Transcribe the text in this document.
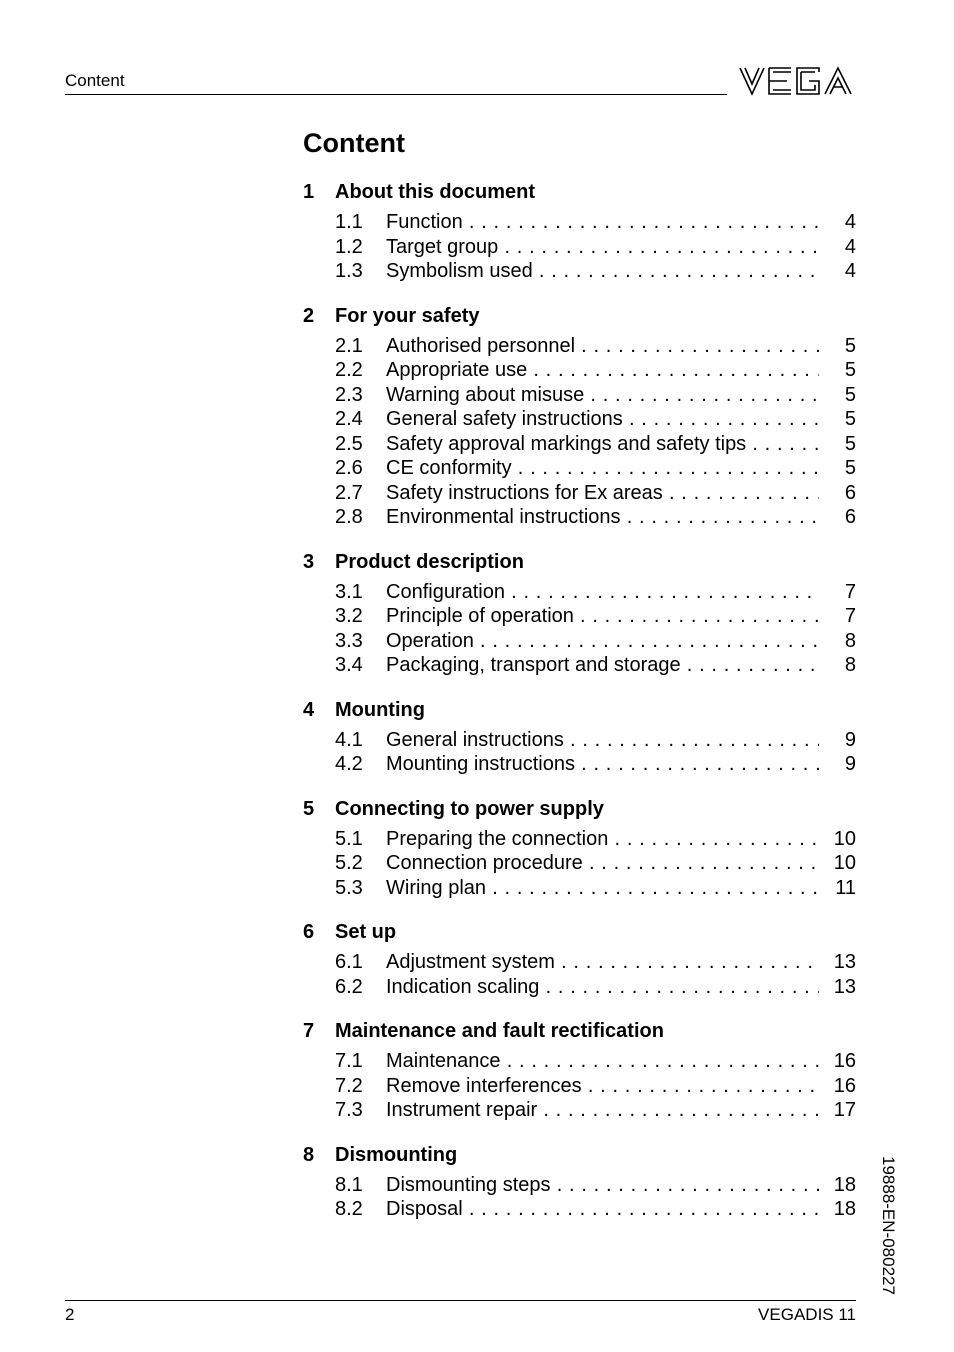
Content
Content
1 About this document
1.1 Function . . .	4
1.2 Target group . . .	4
1.3 Symbolism used . . .	4
2 For your safety
2.1 Authorised personnel . . .	5
2.2 Appropriate use . . .	5
2.3 Warning about misuse . . .	5
2.4 General safety instructions . . .	5
2.5 Safety approval markings and safety tips . . .	5
2.6 CE conformity . . .	5
2.7 Safety instructions for Ex areas . . .	6
2.8 Environmental instructions . . .	6
3 Product description
3.1 Configuration . . .	7
3.2 Principle of operation . . .	7
3.3 Operation . . .	8
3.4 Packaging, transport and storage . . .	8
4 Mounting
4.1 General instructions . . .	9
4.2 Mounting instructions . . .	9
5 Connecting to power supply
5.1 Preparing the connection . . .	10
5.2 Connection procedure . . .	10
5.3 Wiring plan . . .	11
6 Set up
6.1 Adjustment system . . .	13
6.2 Indication scaling . . .	13
7 Maintenance and fault rectification
7.1 Maintenance . . .	16
7.2 Remove interferences . . .	16
7.3 Instrument repair . . .	17
8 Dismounting
8.1 Dismounting steps . . .	18
8.2 Disposal . . .	18 19888-EN-080227
2	VEGADIS 11
